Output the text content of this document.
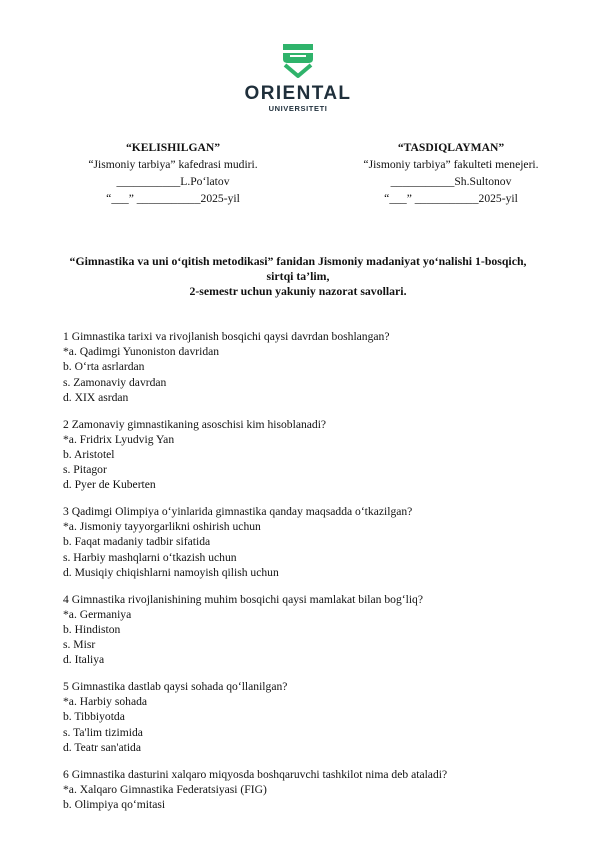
ORIENTAL
UNIVERSITETI
“KELISHILGAN”
“Jismoniy tarbiya” kafedrasi mudiri.
___________L.Po‘latov
“___” ___________2025-yil
“TASDIQLAYMAN”
“Jismoniy tarbiya” fakulteti menejeri.
___________Sh.Sultonov
“___” ___________2025-yil
“Gimnastika va uni o‘qitish metodikasi” fanidan Jismoniy madaniyat yo‘nalishi 1-bosqich,
sirtqi ta’lim,
2-semestr uchun yakuniy nazorat savollari.
1 Gimnastika tarixi va rivojlanish bosqichi qaysi davrdan boshlangan?
*a. Qadimgi Yunoniston davridan
b. O‘rta asrlardan
s. Zamonaviy davrdan
d. XIX asrdan
2 Zamonaviy gimnastikaning asoschisi kim hisoblanadi?
*a. Fridrix Lyudvig Yan
b. Aristotel
s. Pitagor
d. Pyer de Kuberten
3 Qadimgi Olimpiya o‘yinlarida gimnastika qanday maqsadda o‘tkazilgan?
*a. Jismoniy tayyorgarlikni oshirish uchun
b. Faqat madaniy tadbir sifatida
s. Harbiy mashqlarni o‘tkazish uchun
d. Musiqiy chiqishlarni namoyish qilish uchun
4 Gimnastika rivojlanishining muhim bosqichi qaysi mamlakat bilan bog‘liq?
*a. Germaniya
b. Hindiston
s. Misr
d. Italiya
5 Gimnastika dastlab qaysi sohada qo‘llanilgan?
*a. Harbiy sohada
b. Tibbiyotda
s. Ta'lim tizimida
d. Teatr san'atida
6 Gimnastika dasturini xalqaro miqyosda boshqaruvchi tashkilot nima deb ataladi?
*a. Xalqaro Gimnastika Federatsiyasi (FIG)
b. Olimpiya qo‘mitasi
